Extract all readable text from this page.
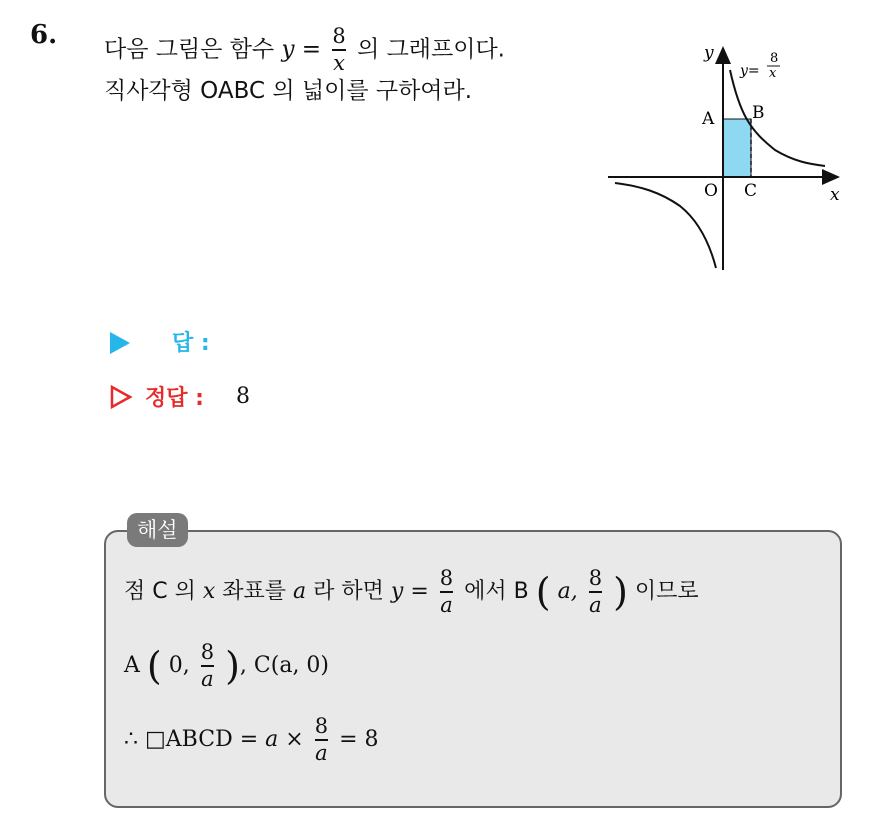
6. 다음 그림은 함수 $y = \frac{8}{x}$ 의 그래프이다.
직사각형 OABC 의 넓이를 구하여라.
y
x
y=
8
x
A B
O C
답 :
정답 : 8
해설
점 C 의 x 좌표를 a 라 하면 $y = \frac{8}{a}$ 에서 B ( a, $\frac{8}{a}$ ) 이므로
A ( 0, $\frac{8}{a}$ ), C(a, 0)
∴ □ABCD = $a \times \frac{8}{a} = 8$
